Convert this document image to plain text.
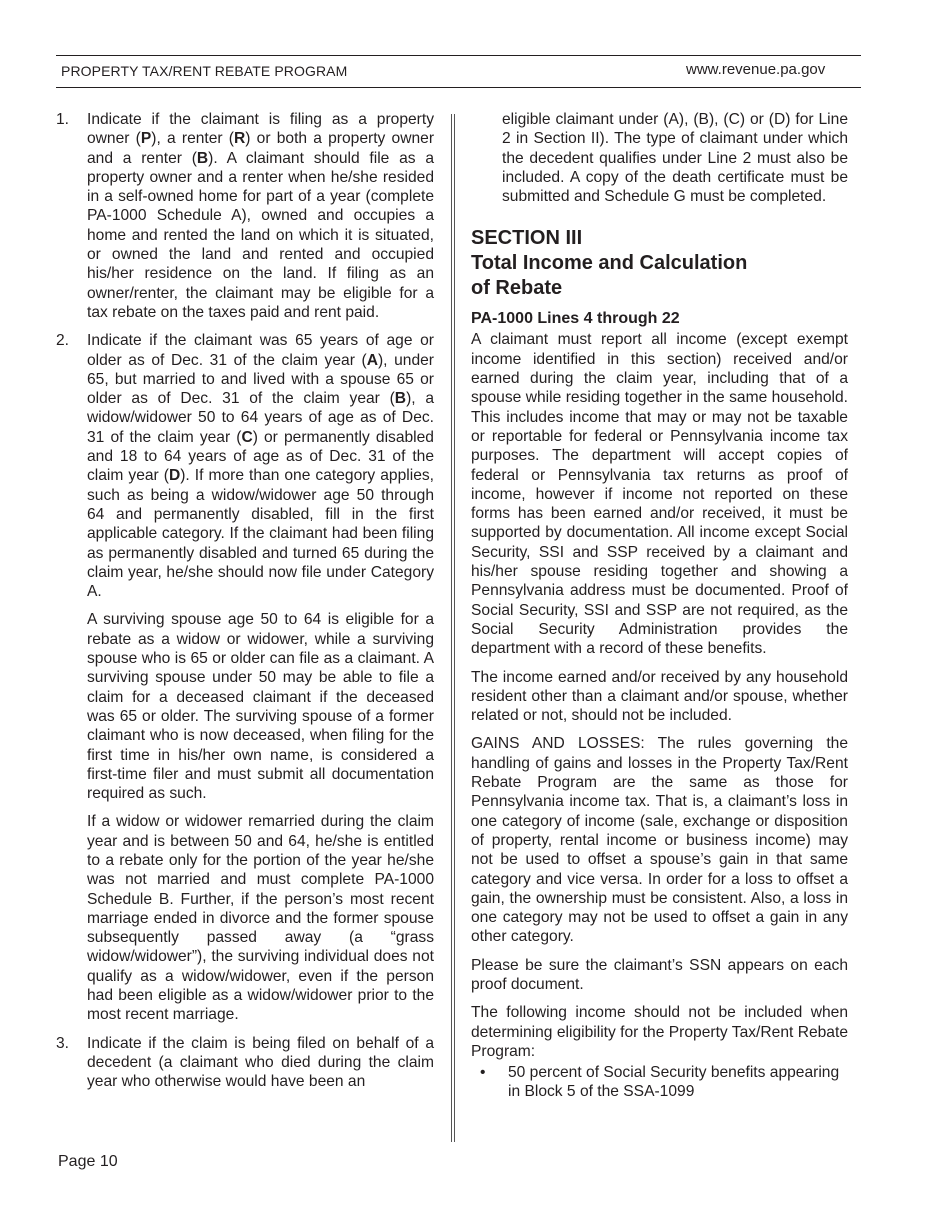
PROPERTY TAX/RENT REBATE PROGRAM	www.revenue.pa.gov
1.	Indicate if the claimant is filing as a property owner (P), a renter (R) or both a property owner and a renter (B). A claimant should file as a property owner and a renter when he/she resided in a self-owned home for part of a year (complete PA-1000 Schedule A), owned and occupies a home and rented the land on which it is situated, or owned the land and rented and occupied his/her residence on the land. If filing as an owner/renter, the claimant may be eligible for a tax rebate on the taxes paid and rent paid.

2.	Indicate if the claimant was 65 years of age or older as of Dec. 31 of the claim year (A), under 65, but married to and lived with a spouse 65 or older as of Dec. 31 of the claim year (B), a widow/widower 50 to 64 years of age as of Dec. 31 of the claim year (C) or permanently disabled and 18 to 64 years of age as of Dec. 31 of the claim year (D). If more than one category applies, such as being a widow/widower age 50 through 64 and permanently disabled, fill in the first applicable category. If the claimant had been filing as permanently disabled and turned 65 during the claim year, he/she should now file under Category A.

A surviving spouse age 50 to 64 is eligible for a rebate as a widow or widower, while a surviving spouse who is 65 or older can file as a claimant. A surviving spouse under 50 may be able to file a claim for a deceased claimant if the deceased was 65 or older. The surviving spouse of a former claimant who is now deceased, when filing for the first time in his/her own name, is considered a first-time filer and must submit all documentation required as such.

If a widow or widower remarried during the claim year and is between 50 and 64, he/she is entitled to a rebate only for the portion of the year he/she was not married and must complete PA-1000 Schedule B. Further, if the person’s most recent marriage ended in divorce and the former spouse subsequently passed away (a “grass widow/widower”), the surviving individual does not qualify as a widow/widower, even if the person had been eligible as a widow/widower prior to the most recent marriage.

3.	Indicate if the claim is being filed on behalf of a decedent (a claimant who died during the claim year who otherwise would have been an

eligible claimant under (A), (B), (C) or (D) for Line 2 in Section II). The type of claimant under which the decedent qualifies under Line 2 must also be included. A copy of the death certificate must be submitted and Schedule G must be completed.

SECTION III
Total Income and Calculation
of Rebate
PA-1000 Lines 4 through 22

A claimant must report all income (except exempt income identified in this section) received and/or earned during the claim year, including that of a spouse while residing together in the same household. This includes income that may or may not be taxable or reportable for federal or Pennsylvania income tax purposes. The department will accept copies of federal or Pennsylvania tax returns as proof of income, however if income not reported on these forms has been earned and/or received, it must be supported by documentation. All income except Social Security, SSI and SSP received by a claimant and his/her spouse residing together and showing a Pennsylvania address must be documented. Proof of Social Security, SSI and SSP are not required, as the Social Security Administration provides the department with a record of these benefits.

The income earned and/or received by any household resident other than a claimant and/or spouse, whether related or not, should not be included.

GAINS AND LOSSES: The rules governing the handling of gains and losses in the Property Tax/Rent Rebate Program are the same as those for Pennsylvania income tax. That is, a claimant’s loss in one category of income (sale, exchange or disposition of property, rental income or business income) may not be used to offset a spouse’s gain in that same category and vice versa. In order for a loss to offset a gain, the ownership must be consistent. Also, a loss in one category may not be used to offset a gain in any other category.

Please be sure the claimant’s SSN appears on each proof document.

The following income should not be included when determining eligibility for the Property Tax/Rent Rebate Program:

•	50 percent of Social Security benefits appearing in Block 5 of the SSA-1099

Page 10
